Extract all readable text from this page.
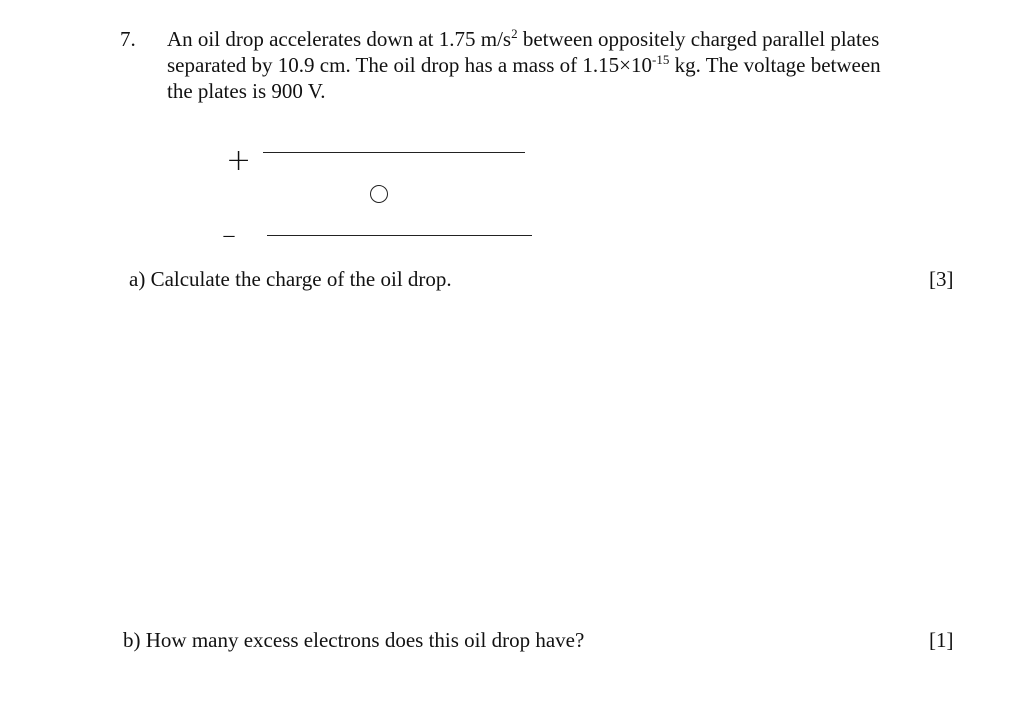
7. An oil drop accelerates down at 1.75 $m/s^2$ between oppositely charged parallel plates
separated by 10.9 cm. The oil drop has a mass of $1.15\times 10^{-15}$ kg. The voltage between
the plates is 900 V.
+
–
a) Calculate the charge of the oil drop.	[3]
b) How many excess electrons does this oil drop have?	[1]
